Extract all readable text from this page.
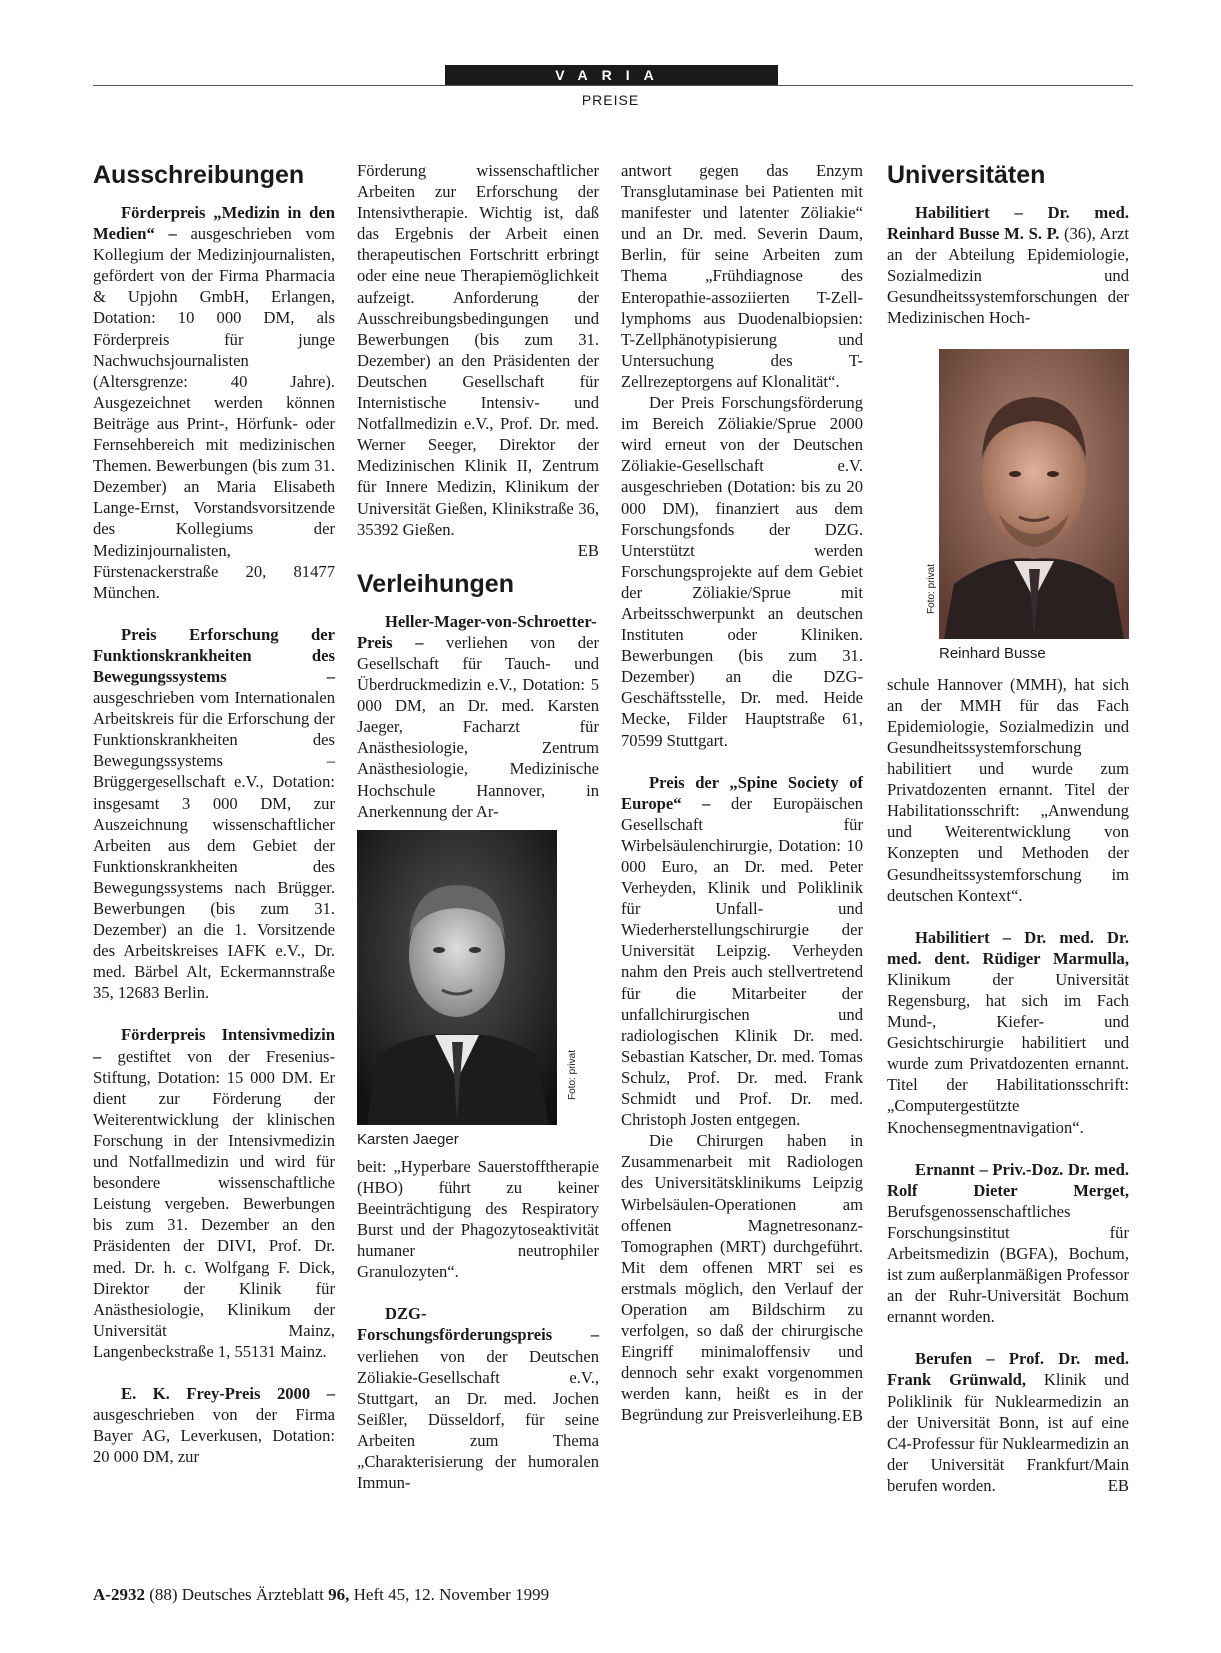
VARIA
PREISE
Ausschreibungen

Förderpreis „Medizin in den Medien“ – ausgeschrieben vom Kollegium der Medizinjournalisten, gefördert von der Firma Pharmacia & Upjohn GmbH, Erlangen, Dotation: 10 000 DM, als Förderpreis für junge Nachwuchsjournalisten (Altersgrenze: 40 Jahre). Ausgezeichnet werden können Beiträge aus Print-, Hörfunk- oder Fernsehbereich mit medizinischen Themen. Bewerbungen (bis zum 31. Dezember) an Maria Elisabeth Lange-Ernst, Vorstandsvorsitzende des Kollegiums der Medizinjournalisten, Fürstenackerstraße 20, 81477 München.

Preis Erforschung der Funktionskrankheiten des Bewegungssystems – ausgeschrieben vom Internationalen Arbeitskreis für die Erforschung der Funktionskrankheiten des Bewegungssystems – Brüggergesellschaft e.V., Dotation: insgesamt 3 000 DM, zur Auszeichnung wissenschaftlicher Arbeiten aus dem Gebiet der Funktionskrankheiten des Bewegungssystems nach Brügger. Bewerbungen (bis zum 31. Dezember) an die 1. Vorsitzende des Arbeitskreises IAFK e.V., Dr. med. Bärbel Alt, Eckermannstraße 35, 12683 Berlin.

Förderpreis Intensivmedizin – gestiftet von der Fresenius-Stiftung, Dotation: 15 000 DM. Er dient zur Förderung der Weiterentwicklung der klinischen Forschung in der Intensivmedizin und Notfallmedizin und wird für besondere wissenschaftliche Leistung vergeben. Bewerbungen bis zum 31. Dezember an den Präsidenten der DIVI, Prof. Dr. med. Dr. h. c. Wolfgang F. Dick, Direktor der Klinik für Anästhesiologie, Klinikum der Universität Mainz, Langenbeckstraße 1, 55131 Mainz.

E. K. Frey-Preis 2000 – ausgeschrieben von der Firma Bayer AG, Leverkusen, Dotation: 20 000 DM, zur

Förderung wissenschaftlicher Arbeiten zur Erforschung der Intensivtherapie. Wichtig ist, daß das Ergebnis der Arbeit einen therapeutischen Fortschritt erbringt oder eine neue Therapiemöglichkeit aufzeigt. Anforderung der Ausschreibungsbedingungen und Bewerbungen (bis zum 31. Dezember) an den Präsidenten der Deutschen Gesellschaft für Internistische Intensiv- und Notfallmedizin e.V., Prof. Dr. med. Werner Seeger, Direktor der Medizinischen Klinik II, Zentrum für Innere Medizin, Klinikum der Universität Gießen, Klinikstraße 36, 35392 Gießen.

EB

Verleihungen

Heller-Mager-von-Schroetter-Preis – verliehen von der Gesellschaft für Tauch- und Überdruckmedizin e.V., Dotation: 5 000 DM, an Dr. med. Karsten Jaeger, Facharzt für Anästhesiologie, Zentrum Anästhesiologie, Medizinische Hochschule Hannover, in Anerkennung der Ar-

Foto: privat
Karsten Jaeger

beit: „Hyperbare Sauerstofftherapie (HBO) führt zu keiner Beeinträchtigung des Respiratory Burst und der Phagozytoseaktivität humaner neutrophiler Granulozyten“.

DZG-Forschungsförderungspreis – verliehen von der Deutschen Zöliakie-Gesellschaft e.V., Stuttgart, an Dr. med. Jochen Seißler, Düsseldorf, für seine Arbeiten zum Thema „Charakterisierung der humoralen Immun-

antwort gegen das Enzym Transglutaminase bei Patienten mit manifester und latenter Zöliakie“ und an Dr. med. Severin Daum, Berlin, für seine Arbeiten zum Thema „Frühdiagnose des Enteropathie-assoziierten T-Zell-lymphoms aus Duodenalbiopsien: T-Zellphänotypisierung und Untersuchung des T-Zellrezeptorgens auf Klonalität“.

Der Preis Forschungsförderung im Bereich Zöliakie/Sprue 2000 wird erneut von der Deutschen Zöliakie-Gesellschaft e.V. ausgeschrieben (Dotation: bis zu 20 000 DM), finanziert aus dem Forschungsfonds der DZG. Unterstützt werden Forschungsprojekte auf dem Gebiet der Zöliakie/Sprue mit Arbeitsschwerpunkt an deutschen Instituten oder Kliniken. Bewerbungen (bis zum 31. Dezember) an die DZG-Geschäftsstelle, Dr. med. Heide Mecke, Filder Hauptstraße 61, 70599 Stuttgart.

Preis der „Spine Society of Europe“ – der Europäischen Gesellschaft für Wirbelsäulenchirurgie, Dotation: 10 000 Euro, an Dr. med. Peter Verheyden, Klinik und Poliklinik für Unfall- und Wiederherstellungschirurgie der Universität Leipzig. Verheyden nahm den Preis auch stellvertretend für die Mitarbeiter der unfallchirurgischen und radiologischen Klinik Dr. med. Sebastian Katscher, Dr. med. Tomas Schulz, Prof. Dr. med. Frank Schmidt und Prof. Dr. med. Christoph Josten entgegen.

Die Chirurgen haben in Zusammenarbeit mit Radiologen des Universitätsklinikums Leipzig Wirbelsäulen-Operationen am offenen Magnetresonanz-Tomographen (MRT) durchgeführt. Mit dem offenen MRT sei es erstmals möglich, den Verlauf der Operation am Bildschirm zu verfolgen, so daß der chirurgische Eingriff minimaloffensiv und dennoch sehr exakt vorgenommen werden kann, heißt es in der Begründung zur Preisverleihung. EB

Universitäten

Habilitiert – Dr. med. Reinhard Busse M. S. P. (36), Arzt an der Abteilung Epidemiologie, Sozialmedizin und Gesundheitssystemforschungen der Medizinischen Hoch-

Foto: privat
Reinhard Busse

schule Hannover (MMH), hat sich an der MMH für das Fach Epidemiologie, Sozialmedizin und Gesundheitssystemforschung habilitiert und wurde zum Privatdozenten ernannt. Titel der Habilitationsschrift: „Anwendung und Weiterentwicklung von Konzepten und Methoden der Gesundheitssystemforschung im deutschen Kontext“.

Habilitiert – Dr. med. Dr. med. dent. Rüdiger Marmulla, Klinikum der Universität Regensburg, hat sich im Fach Mund-, Kiefer- und Gesichtschirurgie habilitiert und wurde zum Privatdozenten ernannt. Titel der Habilitationsschrift: „Computergestützte Knochensegmentnavigation“.

Ernannt – Priv.-Doz. Dr. med. Rolf Dieter Merget, Berufsgenossenschaftliches Forschungsinstitut für Arbeitsmedizin (BGFA), Bochum, ist zum außerplanmäßigen Professor an der Ruhr-Universität Bochum ernannt worden.

Berufen – Prof. Dr. med. Frank Grünwald, Klinik und Poliklinik für Nuklearmedizin an der Universität Bonn, ist auf eine C4-Professur für Nuklearmedizin an der Universität Frankfurt/Main berufen worden.	EB

A-2932 (88) Deutsches Ärzteblatt 96, Heft 45, 12. November 1999
